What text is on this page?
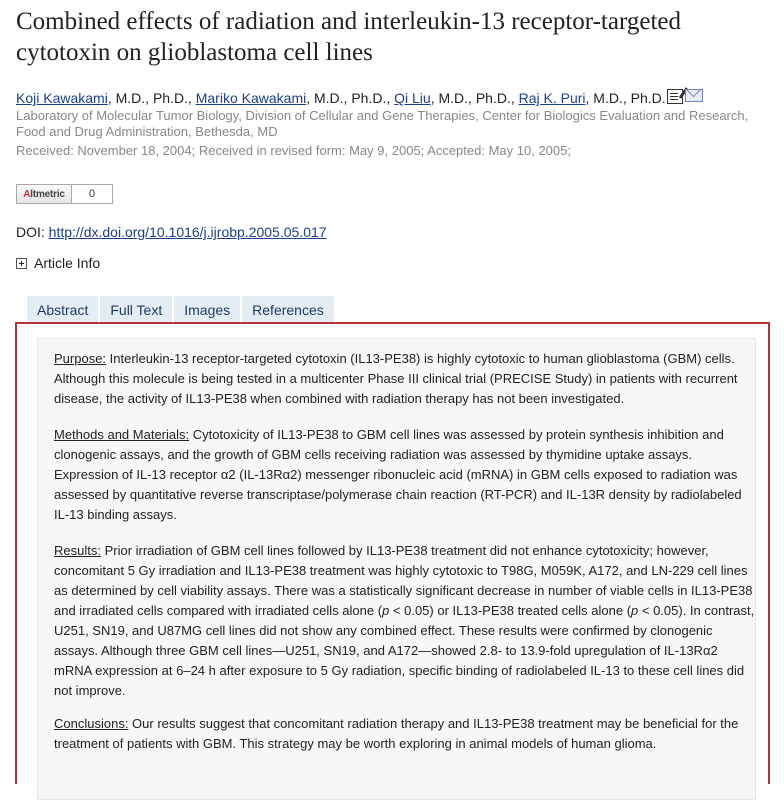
Combined effects of radiation and interleukin-13 receptor-targeted cytotoxin on glioblastoma cell lines
Koji Kawakami, M.D., Ph.D., Mariko Kawakami, M.D., Ph.D., Qi Liu, M.D., Ph.D., Raj K. Puri, M.D., Ph.D.
Laboratory of Molecular Tumor Biology, Division of Cellular and Gene Therapies, Center for Biologics Evaluation and Research, Food and Drug Administration, Bethesda, MD
Received: November 18, 2004; Received in revised form: May 9, 2005; Accepted: May 10, 2005;
A ltmetric	0
DOI: http://dx.doi.org/10.1016/j.ijrobp.2005.05.017
Article Info
Abstract	Full Text	Images	References

Purpose: Interleukin-13 receptor-targeted cytotoxin (IL13-PE38) is highly cytotoxic to human glioblastoma (GBM) cells. Although this molecule is being tested in a multicenter Phase III clinical trial (PRECISE Study) in patients with recurrent disease, the activity of IL13-PE38 when combined with radiation therapy has not been investigated.

Methods and Materials: Cytotoxicity of IL13-PE38 to GBM cell lines was assessed by protein synthesis inhibition and clonogenic assays, and the growth of GBM cells receiving radiation was assessed by thymidine uptake assays. Expression of IL-13 receptor α2 (IL-13Rα2) messenger ribonucleic acid (mRNA) in GBM cells exposed to radiation was assessed by quantitative reverse transcriptase/polymerase chain reaction (RT-PCR) and IL-13R density by radiolabeled IL-13 binding assays.

Results: Prior irradiation of GBM cell lines followed by IL13-PE38 treatment did not enhance cytotoxicity; however, concomitant 5 Gy irradiation and IL13-PE38 treatment was highly cytotoxic to T98G, M059K, A172, and LN-229 cell lines as determined by cell viability assays. There was a statistically significant decrease in number of viable cells in IL13-PE38 and irradiated cells compared with irradiated cells alone (p < 0.05) or IL13-PE38 treated cells alone (p < 0.05). In contrast, U251, SN19, and U87MG cell lines did not show any combined effect. These results were confirmed by clonogenic assays. Although three GBM cell lines—U251, SN19, and A172—showed 2.8- to 13.9-fold upregulation of IL-13Rα2 mRNA expression at 6–24 h after exposure to 5 Gy radiation, specific binding of radiolabeled IL-13 to these cell lines did not improve.

Conclusions: Our results suggest that concomitant radiation therapy and IL13-PE38 treatment may be beneficial for the treatment of patients with GBM. This strategy may be worth exploring in animal models of human glioma.
